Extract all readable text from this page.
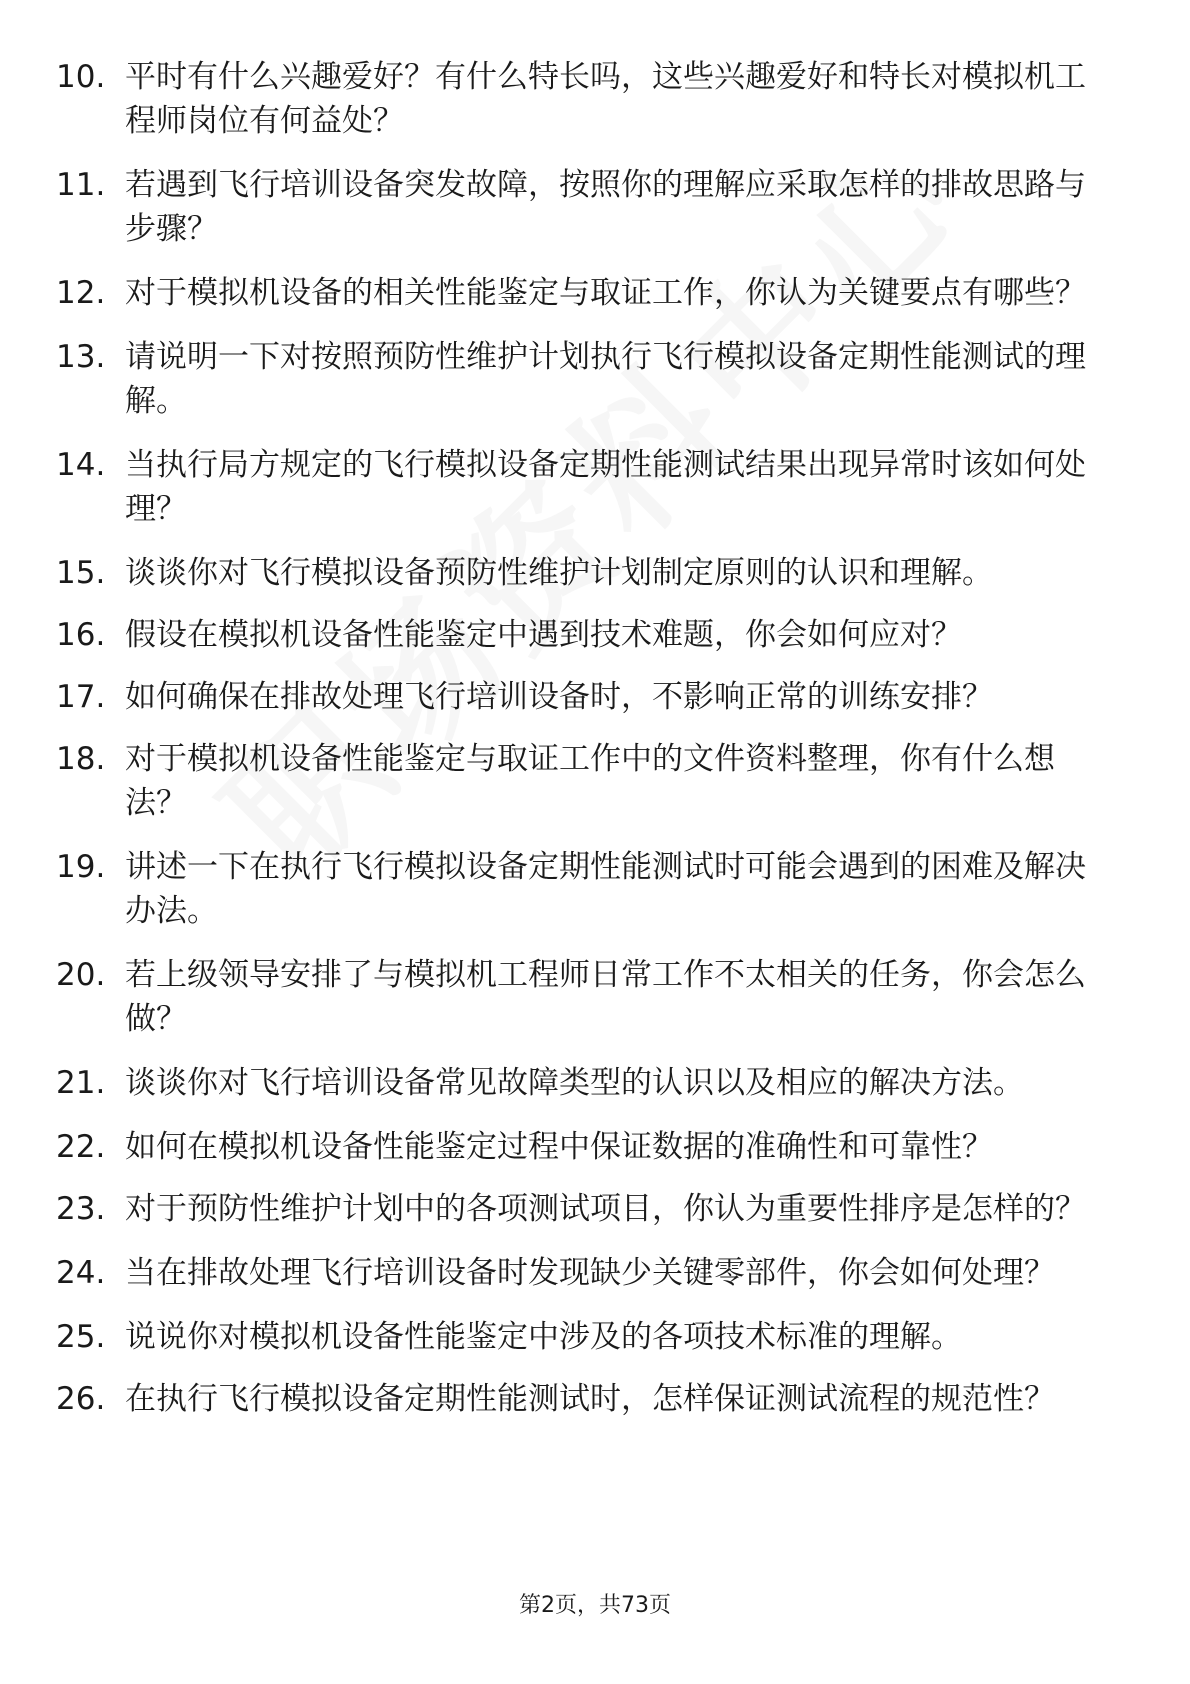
10. 平时有什么兴趣爱好？有什么特长吗，这些兴趣爱好和特长对模拟机工程师岗位有何益处？
11. 若遇到飞行培训设备突发故障，按照你的理解应采取怎样的排故思路与步骤？
12. 对于模拟机设备的相关性能鉴定与取证工作，你认为关键要点有哪些？
13. 请说明一下对按照预防性维护计划执行飞行模拟设备定期性能测试的理解。
14. 当执行局方规定的飞行模拟设备定期性能测试结果出现异常时该如何处理？
15. 谈谈你对飞行模拟设备预防性维护计划制定原则的认识和理解。
16. 假设在模拟机设备性能鉴定中遇到技术难题，你会如何应对？
17. 如何确保在排故处理飞行培训设备时，不影响正常的训练安排？
18. 对于模拟机设备性能鉴定与取证工作中的文件资料整理，你有什么想法？
19. 讲述一下在执行飞行模拟设备定期性能测试时可能会遇到的困难及解决办法。
20. 若上级领导安排了与模拟机工程师日常工作不太相关的任务，你会怎么做？
21. 谈谈你对飞行培训设备常见故障类型的认识以及相应的解决方法。
22. 如何在模拟机设备性能鉴定过程中保证数据的准确性和可靠性？
23. 对于预防性维护计划中的各项测试项目，你认为重要性排序是怎样的？
24. 当在排故处理飞行培训设备时发现缺少关键零部件，你会如何处理？
25. 说说你对模拟机设备性能鉴定中涉及的各项技术标准的理解。
26. 在执行飞行模拟设备定期性能测试时，怎样保证测试流程的规范性？
第2页，共73页
